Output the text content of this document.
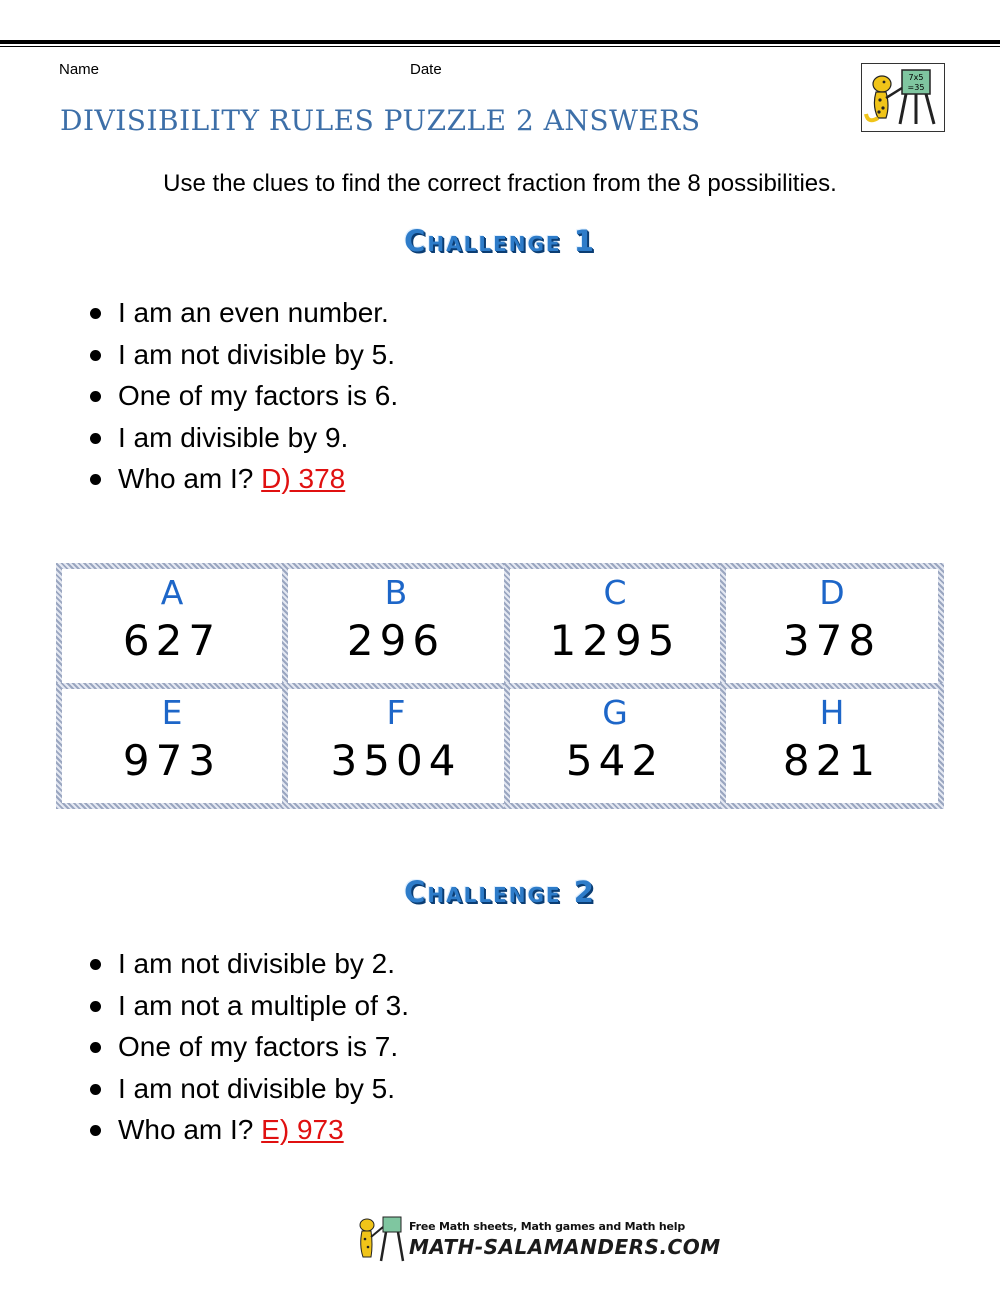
Name	Date
DIVISIBILITY RULES PUZZLE 2 ANSWERS
7x5
=35
Use the clues to find the correct fraction from the 8 possibilities.
Challenge 1
I am an even number.
I am not divisible by 5.
One of my factors is 6.
I am divisible by 9.
Who am I? D) 378
A
627
B
296
C
1295
D
378
E
973
F
3504
G
542
H
821
Challenge 2
I am not divisible by 2.
I am not a multiple of 3.
One of my factors is 7.
I am not divisible by 5.
Who am I? E) 973
Free Math sheets, Math games and Math help
MATH-SALAMANDERS.COM
